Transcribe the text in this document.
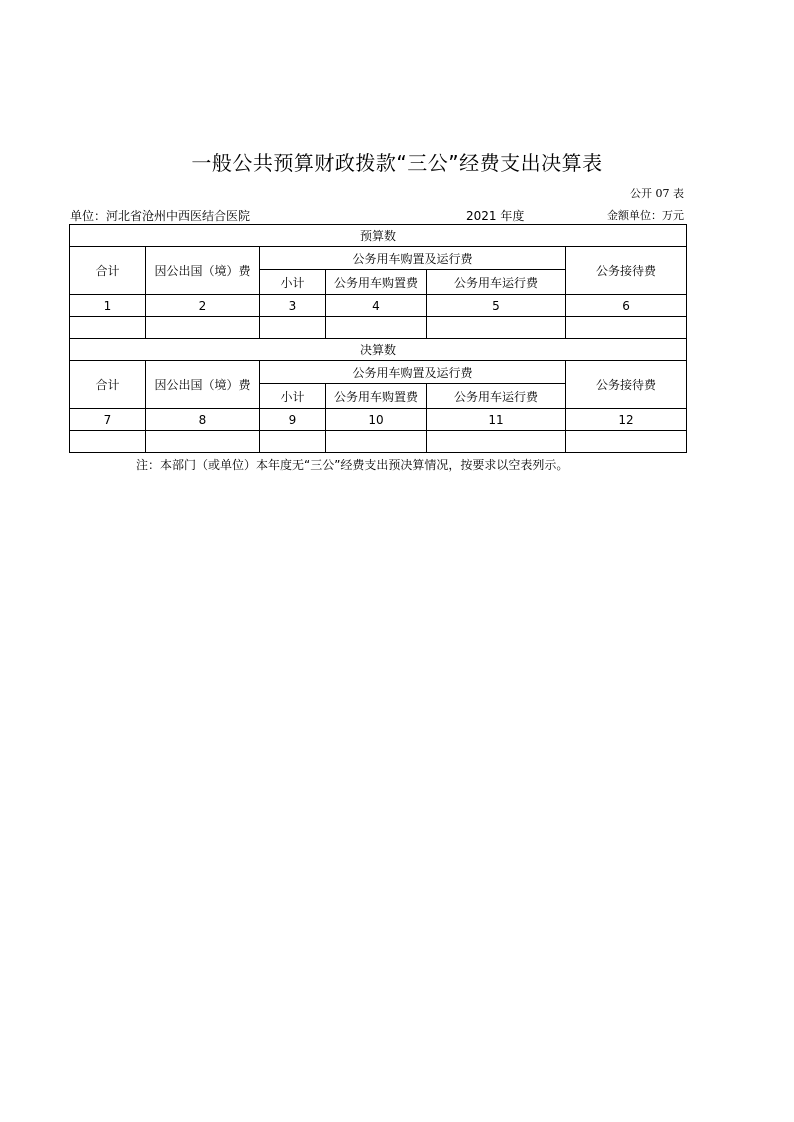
一般公共预算财政拨款“三公”经费支出决算表
公开 07 表
单位：河北省沧州中西医结合医院	2021 年度	金额单位：万元
预算数					
合计	因公出国（境）费	公务用车购置及运行费			公务接待费
		小计	公务用车购置费	公务用车运行费	
1	2	3	4	5	6

决算数					
合计	因公出国（境）费	公务用车购置及运行费			公务接待费
		小计	公务用车购置费	公务用车运行费	
7	8	9	10	11	12

注：本部门（或单位）本年度无“三公”经费支出预决算情况，按要求以空表列示。
